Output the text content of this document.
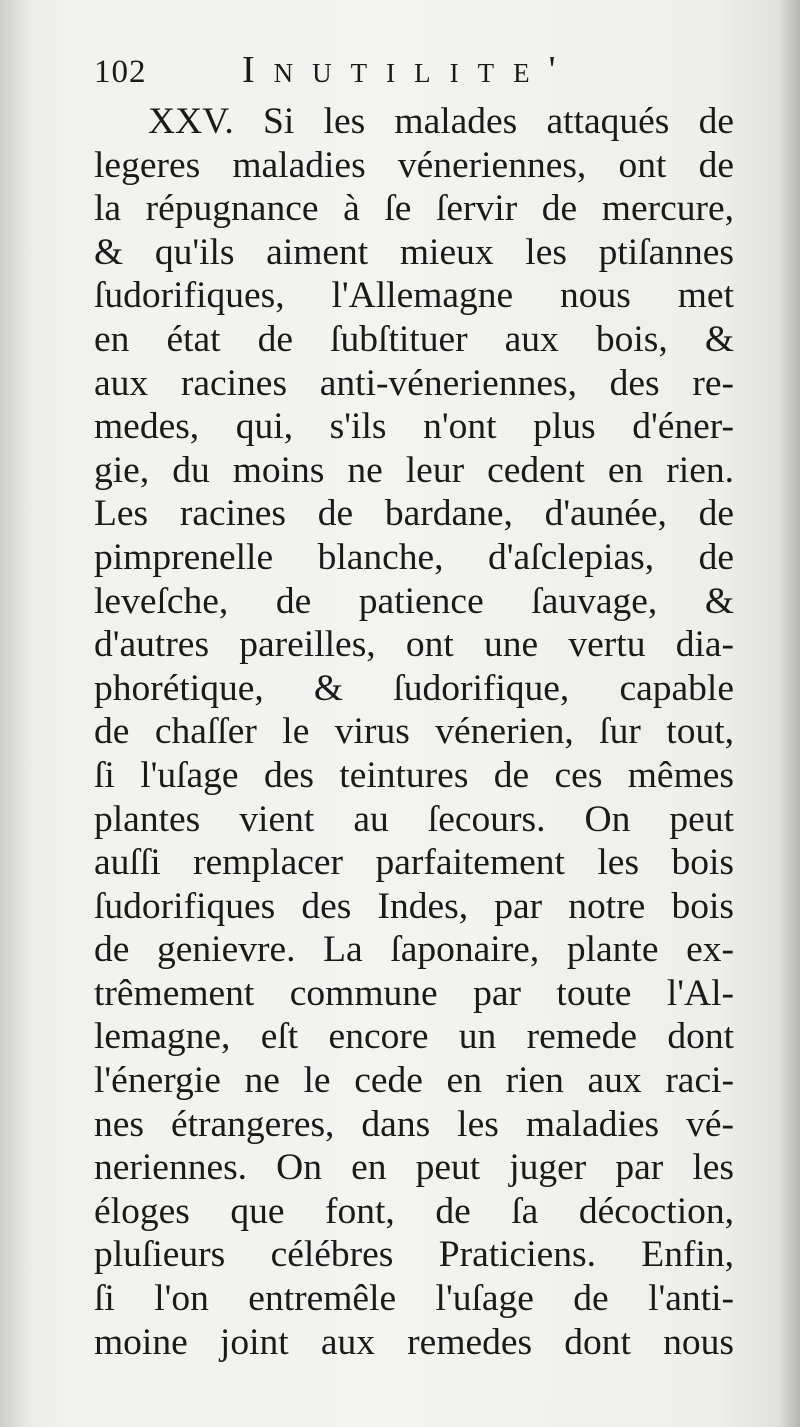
102	Inutilite'
XXV. Si les malades attaqués de
legeres maladies véneriennes, ont de
la répugnance à ſe ſervir de mercure,
& qu'ils aiment mieux les ptiſannes
ſudorifiques, l'Allemagne nous met
en état de ſubſtituer aux bois, &
aux racines anti-véneriennes, des re-
medes, qui, s'ils n'ont plus d'éner-
gie, du moins ne leur cedent en rien.
Les racines de bardane, d'aunée, de
pimprenelle blanche, d'aſclepias, de
leveſche, de patience ſauvage, &
d'autres pareilles, ont une vertu dia-
phorétique, & ſudorifique, capable
de chaſſer le virus vénerien, ſur tout,
ſi l'uſage des teintures de ces mêmes
plantes vient au ſecours. On peut
auſſi remplacer parfaitement les bois
ſudorifiques des Indes, par notre bois
de genievre. La ſaponaire, plante ex-
trêmement commune par toute l'Al-
lemagne, eſt encore un remede dont
l'énergie ne le cede en rien aux raci-
nes étrangeres, dans les maladies vé-
neriennes. On en peut juger par les
éloges que font, de ſa décoction,
pluſieurs célébres Praticiens. Enfin,
ſi l'on entremêle l'uſage de l'anti-
moine joint aux remedes dont nous
